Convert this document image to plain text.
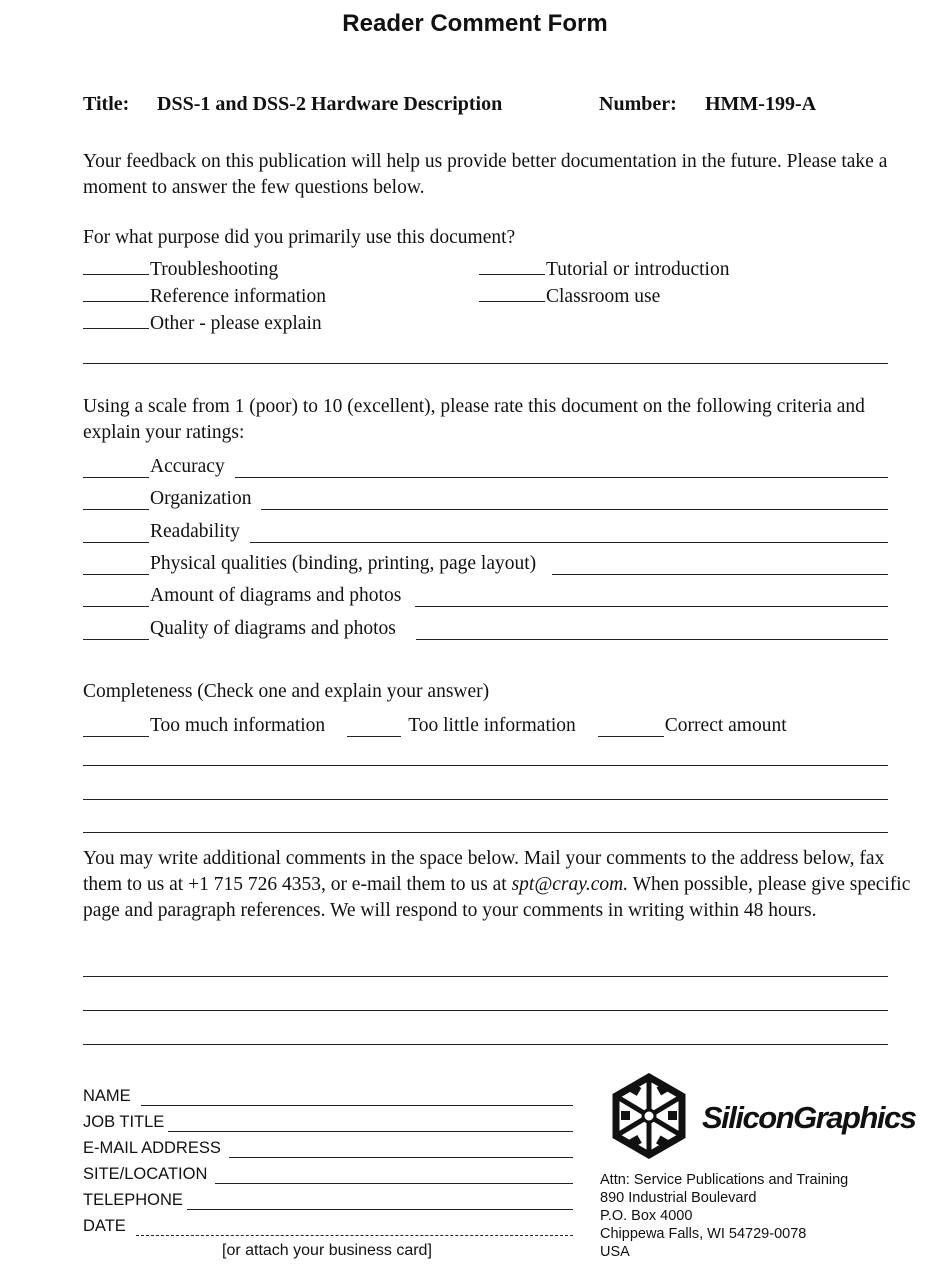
Reader Comment Form
Title: DSS-1 and DSS-2 Hardware Description	Number: HMM-199-A
Your feedback on this publication will help us provide better documentation in the future. Please take a moment to answer the few questions below.
For what purpose did you primarily use this document?
Troubleshooting	Tutorial or introduction
Reference information	Classroom use
Other - please explain
Using a scale from 1 (poor) to 10 (excellent), please rate this document on the following criteria and explain your ratings:
Accuracy
Organization
Readability
Physical qualities (binding, printing, page layout)
Amount of diagrams and photos
Quality of diagrams and photos
Completeness (Check one and explain your answer)
Too much information	Too little information	Correct amount
You may write additional comments in the space below. Mail your comments to the address below, fax them to us at +1 715 726 4353, or e-mail them to us at spt@cray.com. When possible, please give specific page and paragraph references. We will respond to your comments in writing within 48 hours.
NAME
JOB TITLE
E-MAIL ADDRESS
SITE/LOCATION
TELEPHONE
DATE
[or attach your business card]
SiliconGraphics
Attn: Service Publications and Training
890 Industrial Boulevard
P.O. Box 4000
Chippewa Falls, WI 54729-0078
USA
